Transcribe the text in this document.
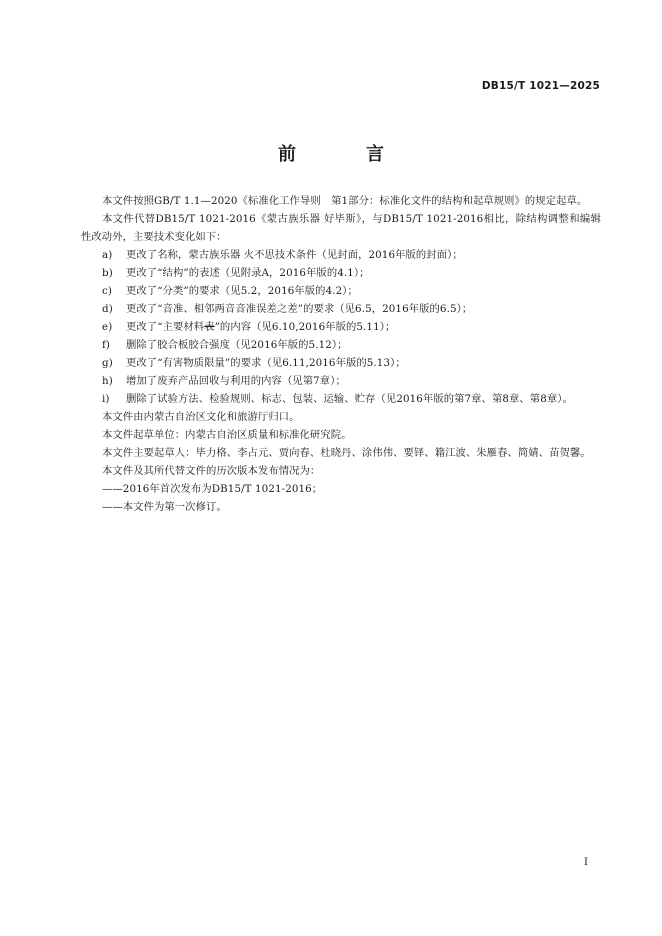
DB15/T 1021—2025
前　言

本文件按照GB/T 1.1—2020《标准化工作导则　第1部分：标准化文件的结构和起草规则》的规定起草。

本文件代替DB15/T 1021-2016《蒙古族乐器 好毕斯》，与DB15/T 1021-2016相比，除结构调整和编辑性改动外，主要技术变化如下：

a)	更改了名称，蒙古族乐器 火不思技术条件（见封面，2016年版的封面）；
b)	更改了“结构”的表述（见附录A，2016年版的4.1）；
c)	更改了“分类”的要求（见5.2，2016年版的4.2）；
d)	更改了“音准、相邻两音音准误差之差”的要求（见6.5，2016年版的6.5）；
e)	更改了“主要材料表”的内容（见6.10,2016年版的5.11）；
f)	删除了胶合板胶合强度（见2016年版的5.12）；
g)	更改了“有害物质限量”的要求（见6.11,2016年版的5.13）；
h)	增加了废弃产品回收与利用的内容（见第7章）；
i)	删除了试验方法、检验规则、标志、包装、运输、贮存（见2016年版的第7章、第8章、第8章）。

本文件由内蒙古自治区文化和旅游厅归口。

本文件起草单位：内蒙古自治区质量和标准化研究院。

本文件主要起草人：毕力格、李占元、贾向春、杜晓丹、涂伟伟、要铎、籍江波、朱雁春、简婧、苗贺馨。

本文件及其所代替文件的历次版本发布情况为：

——2016年首次发布为DB15/T 1021-2016；

——本文件为第一次修订。

I
